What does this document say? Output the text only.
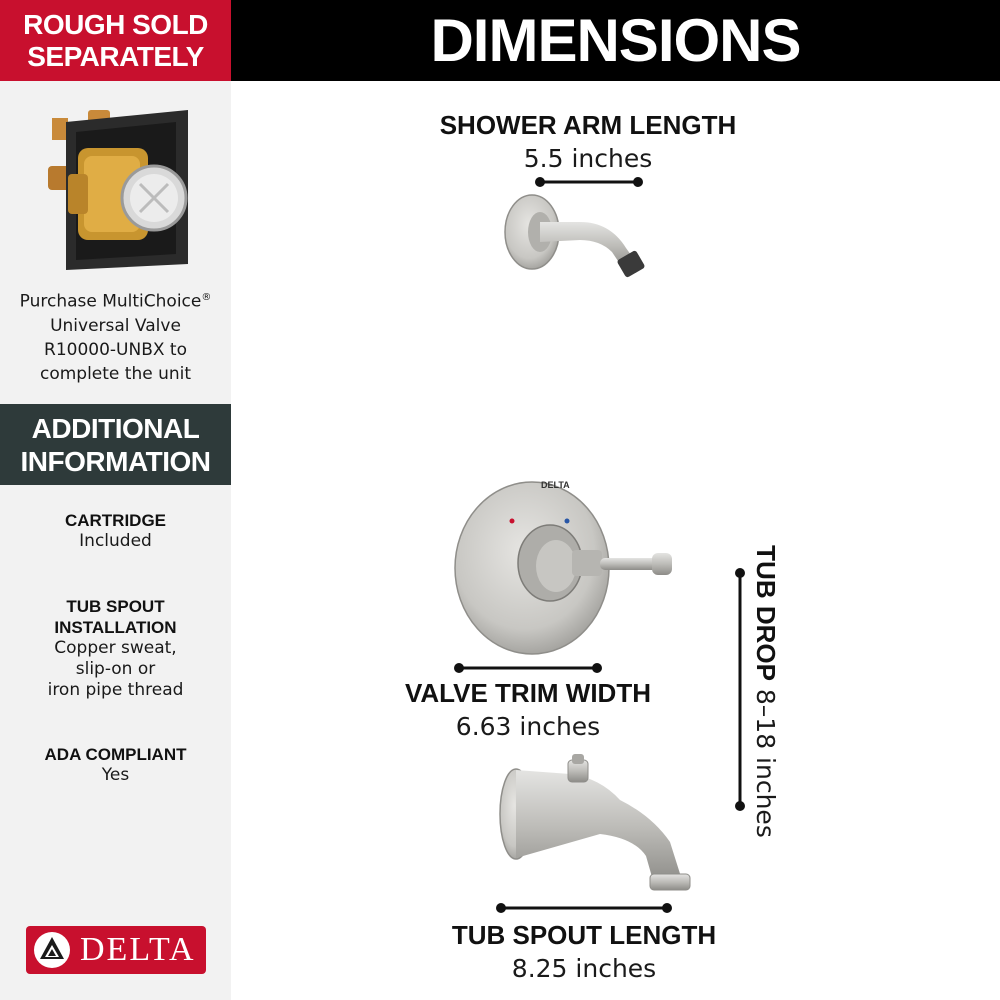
ROUGH SOLD
SEPARATELY
Purchase MultiChoice®
Universal Valve
R10000-UNBX to
complete the unit
ADDITIONAL
INFORMATION
CARTRIDGE
Included
TUB SPOUT
INSTALLATION
Copper sweat,
slip-on or
iron pipe thread
ADA COMPLIANT
Yes
DELTA
DIMENSIONS
DELTA
SHOWER ARM LENGTH
5.5 inches
VALVE TRIM WIDTH
6.63 inches
TUB DROP 8–18 inches
TUB SPOUT LENGTH
8.25 inches
